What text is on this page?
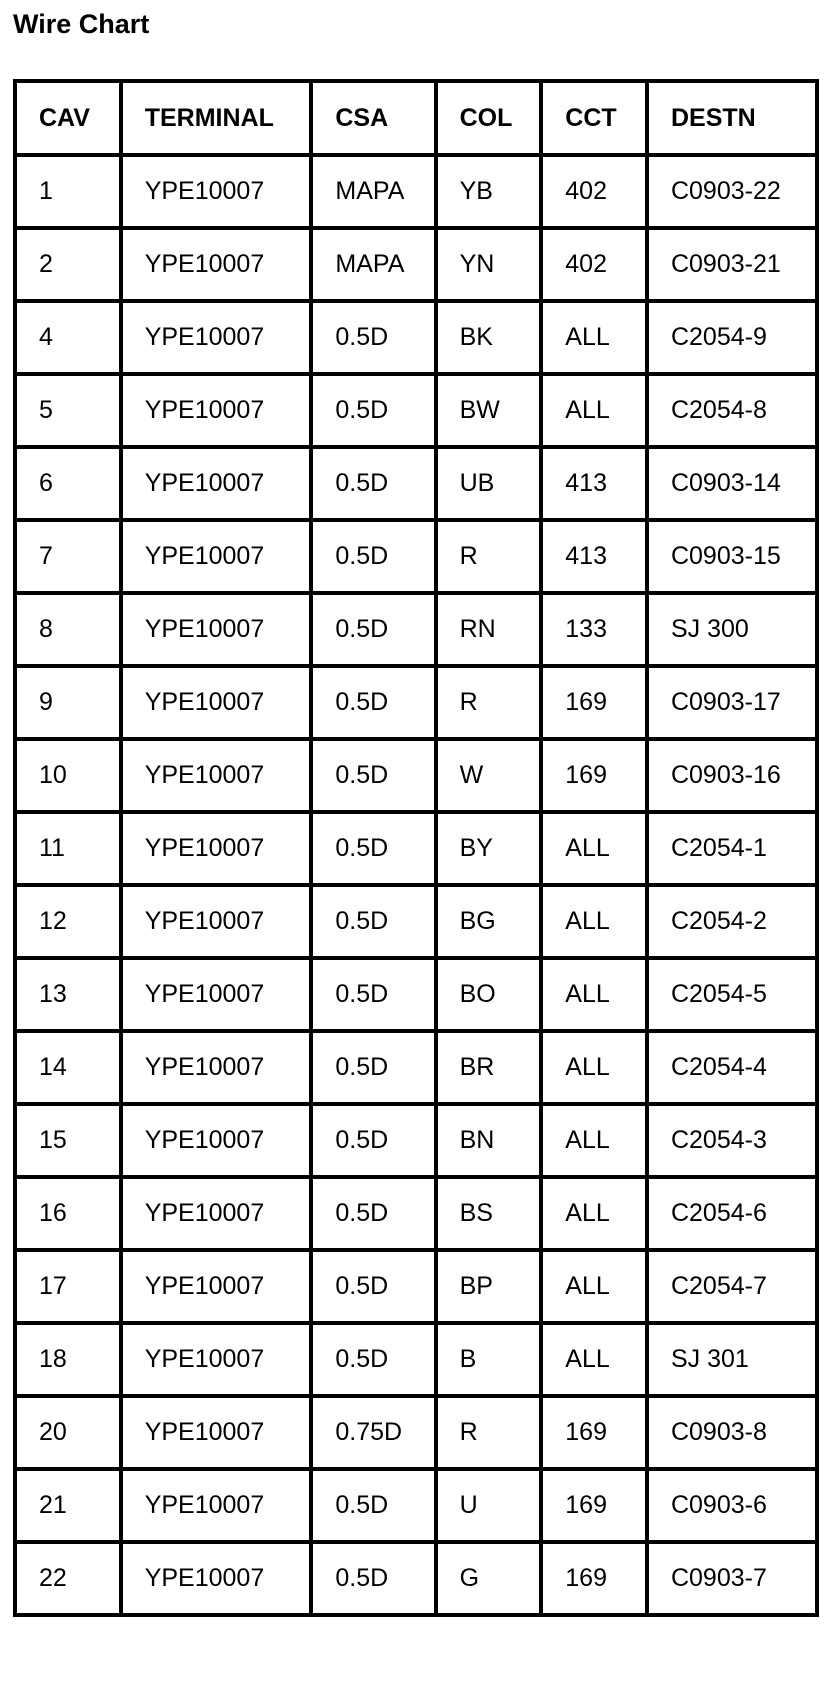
Wire Chart
CAV	TERMINAL	CSA	COL	CCT	DESTN
1	YPE10007	MAPA	YB	402	C0903-22
2	YPE10007	MAPA	YN	402	C0903-21
4	YPE10007	0.5D	BK	ALL	C2054-9
5	YPE10007	0.5D	BW	ALL	C2054-8
6	YPE10007	0.5D	UB	413	C0903-14
7	YPE10007	0.5D	R	413	C0903-15
8	YPE10007	0.5D	RN	133	SJ 300
9	YPE10007	0.5D	R	169	C0903-17
10	YPE10007	0.5D	W	169	C0903-16
11	YPE10007	0.5D	BY	ALL	C2054-1
12	YPE10007	0.5D	BG	ALL	C2054-2
13	YPE10007	0.5D	BO	ALL	C2054-5
14	YPE10007	0.5D	BR	ALL	C2054-4
15	YPE10007	0.5D	BN	ALL	C2054-3
16	YPE10007	0.5D	BS	ALL	C2054-6
17	YPE10007	0.5D	BP	ALL	C2054-7
18	YPE10007	0.5D	B	ALL	SJ 301
20	YPE10007	0.75D	R	169	C0903-8
21	YPE10007	0.5D	U	169	C0903-6
22	YPE10007	0.5D	G	169	C0903-7
